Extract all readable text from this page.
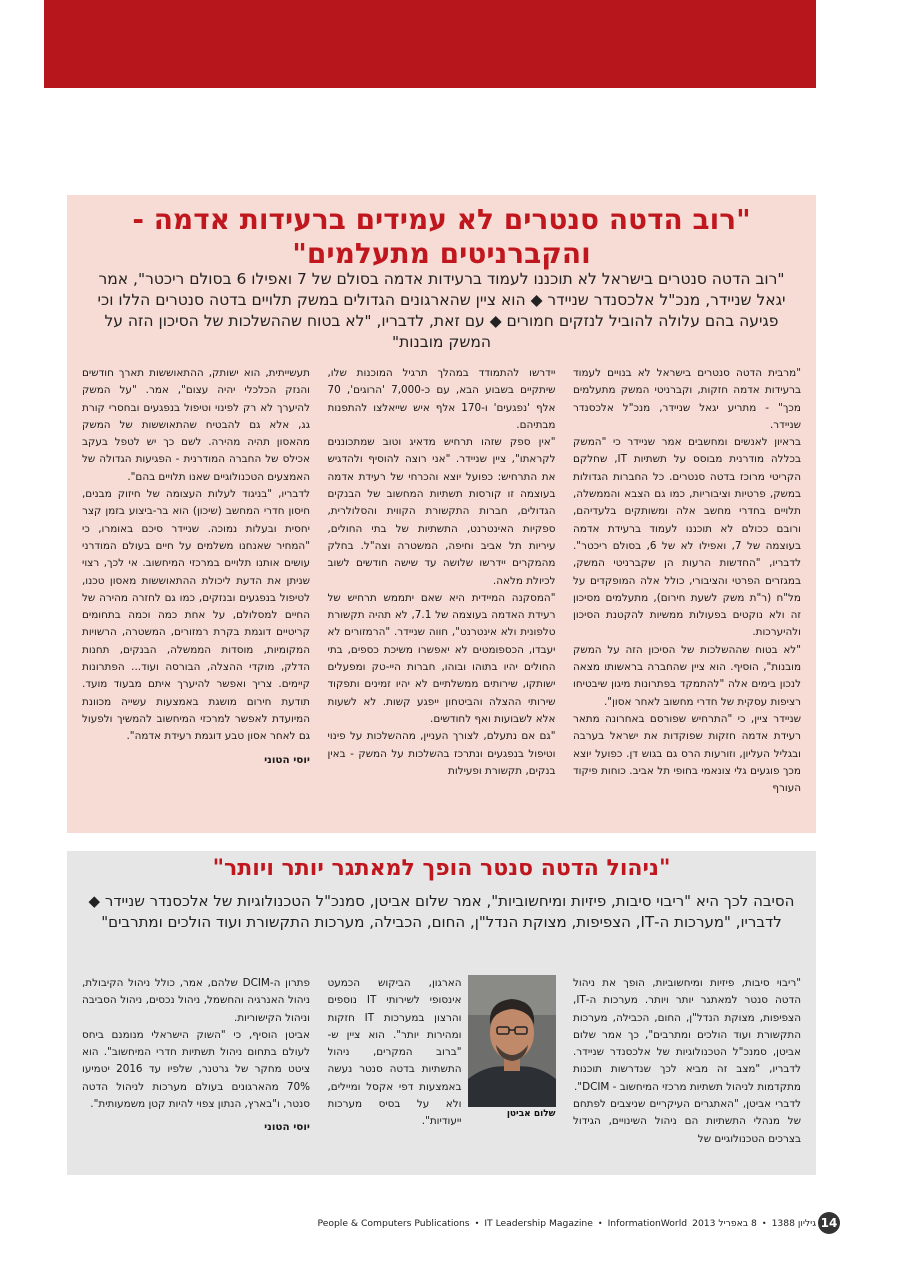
"רוב הדטה סנטרים לא עמידים ברעידות אדמה - והקברניטים מתעלמים"
"רוב הדטה סנטרים בישראל לא תוכננו לעמוד ברעידות אדמה בסולם של 7 ואפילו 6 בסולם ריכטר", אמר יגאל שניידר, מנכ"ל אלכסנדר שניידר ◆ הוא ציין שהארגונים הגדולים במשק תלויים בדטה סנטרים הללו וכי פגיעה בהם עלולה להוביל לנזקים חמורים ◆ עם זאת, לדבריו, "לא בטוח שההשלכות של הסיכון הזה על המשק מובנות"

"מרבית הדטה סנטרים בישראל לא בנויים לעמוד ברעידות אדמה חזקות, וקברניטי המשק מתעלמים מכך" - מתריע יגאל שניידר, מנכ"ל אלכסנדר שניידר.

בראיון לאנשים ומחשבים אמר שניידר כי "המשק בכללה מודרנית מבוסס על תשתיות IT, שחלקם הקריטי מרוכז בדטה סנטרים. כל החברות הגדולות במשק, פרטיות וציבוריות, כמו גם הצבא והממשלה, תלויים בחדרי מחשב אלה ומשותקים בלעדיהם, ורובם ככולם לא תוכננו לעמוד ברעידת אדמה בעוצמה של 7, ואפילו לא של 6, בסולם ריכטר". לדבריו, "החדשות הרעות הן שקברניטי המשק, במגזרים הפרטי והציבורי, כולל אלה המופקדים על מל"ח (ר"ת משק לשעת חירום), מתעלמים מסיכון זה ולא נוקטים בפעולות ממשיות להקטנת הסיכון ולהיערכות.

"לא בטוח שההשלכות של הסיכון הזה על המשק מובנות", הוסיף. הוא ציין שהחברה בראשותו מצאה לנכון בימים אלה "להתמקד בפתרונות מיגון שיבטיחו רציפות עסקית של חדרי מחשוב לאחר אסון".

שניידר ציין, כי "התרחיש שפורסם באחרונה מתאר רעידת אדמה חזקות שפוקדות את ישראל בערבה ובגליל העליון, וזורעות הרס גם בגוש דן. כפועל יוצא מכך פוגעים גלי צונאמי בחופי תל אביב. כוחות פיקוד העורף

יידרשו להתמודד במהלך תרגיל המוכנות שלו, שיתקיים בשבוע הבא, עם כ-7,000 'הרוגים', 70 אלף 'נפגעים' ו-170 אלף איש שייאלצו להתפנות מבתיהם.

"אין ספק שזהו תרחיש מדאיג וטוב שמתכוננים לקראתו", ציין שניידר. "אני רוצה להוסיף ולהדגיש את התרחיש: כפועל יוצא והכרחי של רעידת אדמה בעוצמה זו קורסות תשתיות המחשוב של הבנקים הגדולים, חברות התקשורת הקווית והסלולרית, ספקיות האינטרנט, התשתיות של בתי החולים, עיריות תל אביב וחיפה, המשטרה וצה"ל. בחלק מהמקרים יידרשו שלושה עד שישה חודשים לשוב לכיולת מלאה.

"המסקנה המיידית היא שאם יתממש תרחיש של רעידת האדמה בעוצמה של 7.1, לא תהיה תקשורת טלפונית ולא אינטרנט", חווה שניידר. "הרמזורים לא יעבדו, הכספומטים לא יאפשרו משיכת כספים, בתי החולים יהיו בתוהו ובוהו, חברות היי-טק ומפעלים ישותקו, שירותים ממשלתיים לא יהיו זמינים ותפקוד שירותי ההצלה והביטחון ייפגע קשות. לא לשעות אלא לשבועות ואף לחודשים.

"גם אם נתעלם, לצורך העניין, מההשלכות על פינוי וטיפול בנפגעים ונתרכז בהשלכות על המשק - באין בנקים, תקשורת ופעילות

תעשייתית, הוא ישותק, ההתאוששות תארך חודשים והנזק הכלכלי יהיה עצום", אמר. "על המשק להיערך לא רק לפינוי וטיפול בנפגעים ובחסרי קורת גג, אלא גם להבטיח שהתאוששות של המשק מהאסון תהיה מהירה. לשם כך יש לטפל בעקב אכילס של החברה המודרנית - הפגיעות הגדולה של האמצעים הטכנולוגיים שאנו תלויים בהם".

לדבריו, "בניגוד לעלות העצומה של חיזוק מבנים, חיסון חדרי המחשב (שיכון) הוא בר-ביצוע בזמן קצר יחסית ובעלות נמוכה. שניידר סיכם באומרו, כי "המחיר שאנחנו משלמים על חיים בעולם המודרני עושים אותנו תלויים במרכזי המיחשוב. אי לכך, רצוי שניתן את הדעת ליכולת ההתאוששות מאסון טכנו, לטיפול בנפגעים ובנזקים, כמו גם לחזרה מהירה של החיים למסלולם, על אחת כמה וכמה בתחומים קריטיים דוגמת בקרת רמזורים, המשטרה, הרשויות המקומיות, מוסדות הממשלה, הבנקים, תחנות הדלק, מוקדי ההצלה, הבורסה ועוד... הפתרונות קיימים. צריך ואפשר להיערך איתם מבעוד מועד. תודעת חירום מושגת באמצעות עשייה מכוונת המיועדת לאפשר למרכזי המיחשוב להמשיך ולפעול גם לאחר אסון טבע דוגמת רעידת אדמה".

יוסי הטוני
"ניהול הדטה סנטר הופך למאתגר יותר ויותר"
הסיבה לכך היא "ריבוי סיבות, פיזיות ומיחשוביות", אמר שלום אביטן, סמנכ"ל הטכנולוגיות של אלכסנדר שניידר ◆ לדבריו, "מערכות ה-IT, הצפיפות, מצוקת הנדל"ן, החום, הכבילה, מערכות התקשורת ועוד הולכים ומתרבים"

"ריבוי סיבות, פיזיות ומיחשוביות, הופך את ניהול הדטה סנטר למאתגר יותר ויותר. מערכות ה-IT, הצפיפות, מצוקת הנדל"ן, החום, הכבילה, מערכות התקשורת ועוד הולכים ומתרבים", כך אמר שלום אביטן, סמנכ"ל הטכנולוגיות של אלכסנדר שניידר. לדבריו, "מצב זה מביא לכך שנדרשות תוכנות מתקדמות לניהול תשתיות מרכזי המיחשוב - DCIM".

לדברי אביטן, "האתגרים העיקריים שניצבים לפתחם של מנהלי התשתיות הם ניהול השינויים, הגידול בצרכים הטכנולוגיים של

שלום אביטן

הארגון, הביקוש הכמעט אינסופי לשירותי IT נוספים והרצון במערכות IT חזקות ומהירות יותר". הוא ציין ש-"ברוב המקרים, ניהול התשתיות בדטה סנטר נעשה באמצעות דפי אקסל ומיילים, ולא על בסיס מערכות ייעודיות".

פתרון ה-DCIM שלהם, אמר, כולל ניהול הקיבולת, ניהול האנרגיה והחשמל, ניהול נכסים, ניהול הסביבה וניהול הקישוריות.

אביטן הוסיף, כי "השוק הישראלי מנומנם ביחס לעולם בתחום ניהול תשתיות חדרי המיחשוב". הוא ציטט מחקר של גרטנר, שלפיו עד 2016 יטמיעו 70% מהארגונים בעולם מערכות לניהול הדטה סנטר, ו"בארץ, הנתון צפוי להיות קטן משמעותית".

יוסי הטוני
People & Computers Publications • IT Leadership Magazine • InformationWorld 8 באפריל 2013 • גיליון 1388 14
